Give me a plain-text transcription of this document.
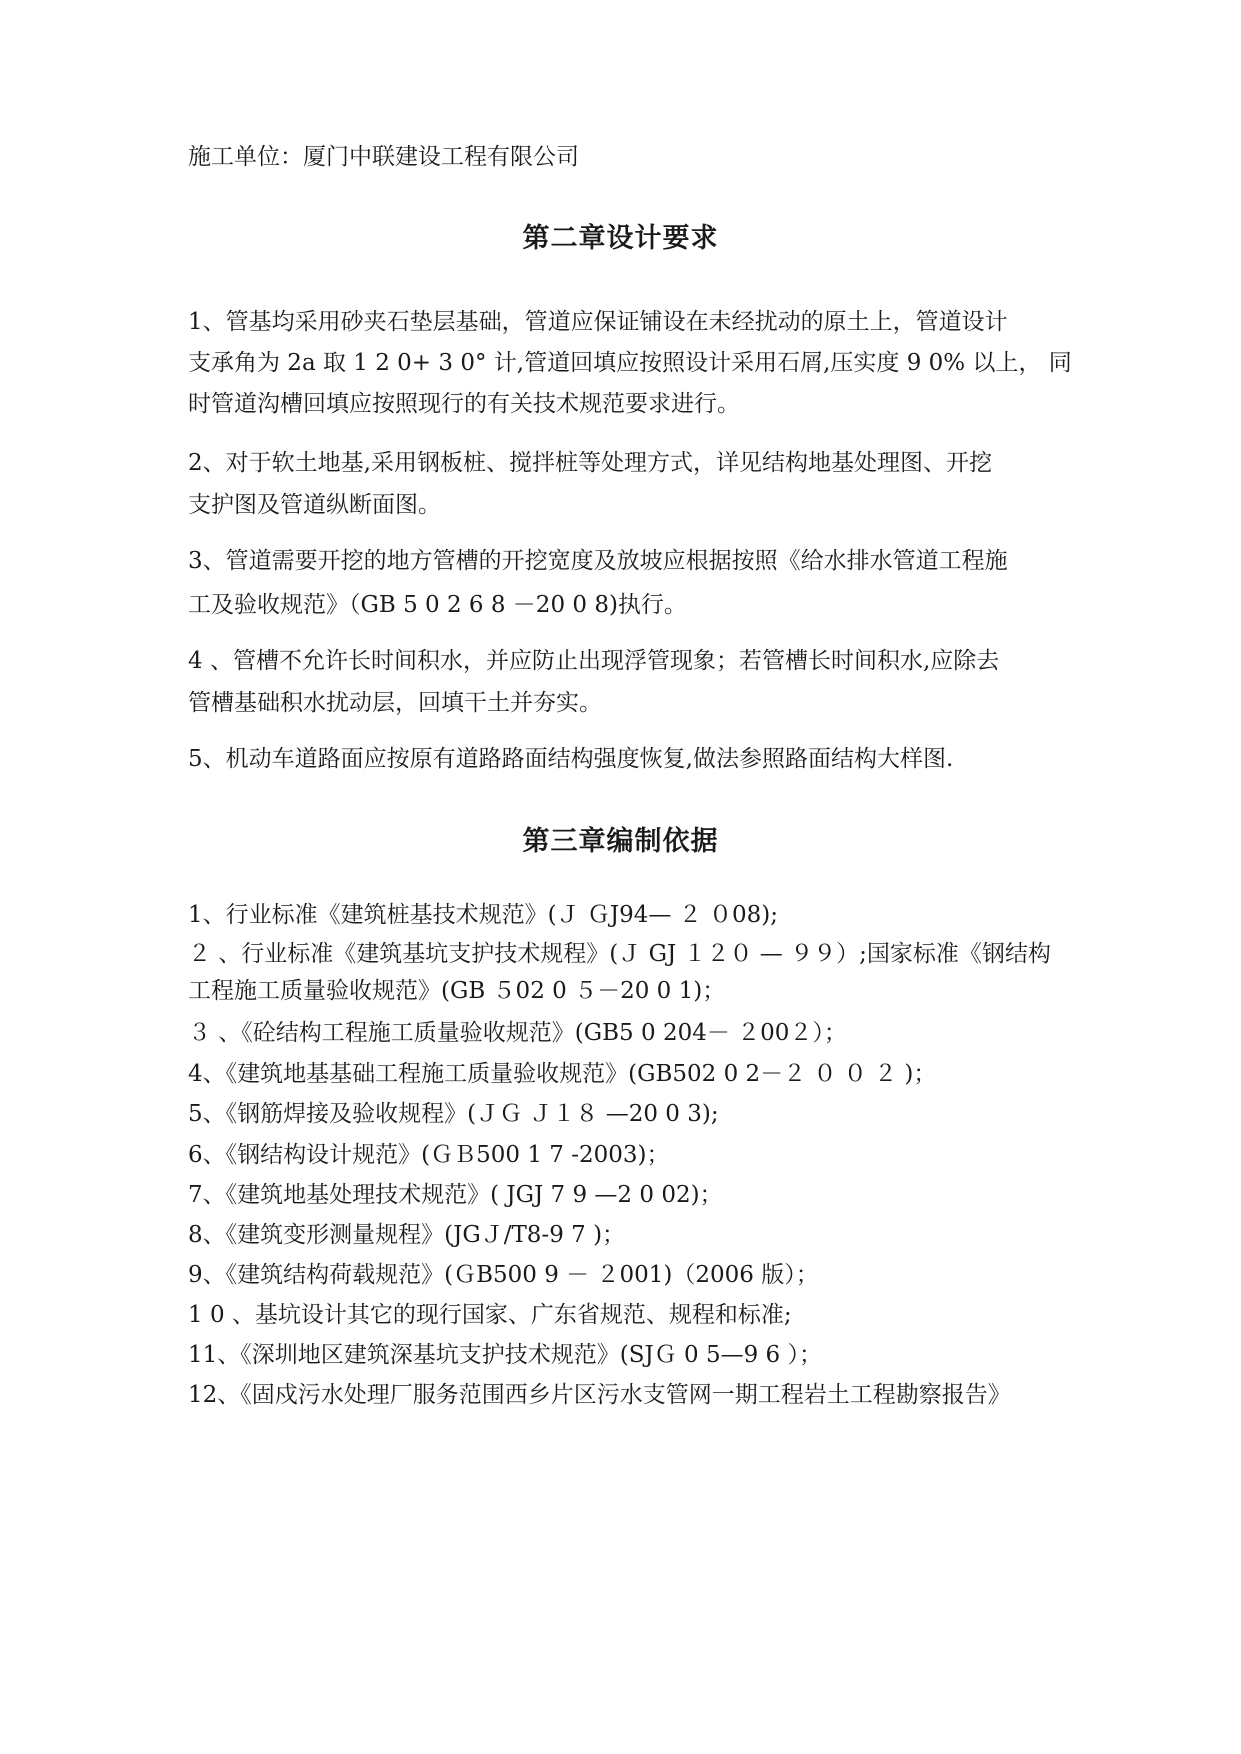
施工单位：厦门中联建设工程有限公司
第二章设计要求
1、管基均采用砂夹石垫层基础，管道应保证铺设在未经扰动的原土上，管道设计
支承角为 2a 取 1 2 0+ 3 0° 计,管道回填应按照设计采用石屑,压实度 9 0% 以上， 同
时管道沟槽回填应按照现行的有关技术规范要求进行。
2、对于软土地基,采用钢板桩、搅拌桩等处理方式，详见结构地基处理图、开挖
支护图及管道纵断面图。
3、管道需要开挖的地方管槽的开挖宽度及放坡应根据按照《给水排水管道工程施
工及验收规范》（GB 5 0 2 6 8 －20 0 8)执行。
4 、管槽不允许长时间积水，并应防止出现浮管现象；若管槽长时间积水,应除去
管槽基础积水扰动层，回填干土并夯实。
5、机动车道路面应按原有道路路面结构强度恢复,做法参照路面结构大样图.
第三章编制依据
1、行业标准《建筑桩基技术规范》(Ｊ ＧJ94— ２ ０08);
２ 、行业标准《建筑基坑支护技术规程》(Ｊ GJ １２０ — ９９）;国家标准《钢结构
工程施工质量验收规范》(GB ５02 0 ５－20 0 1)；
３ 、《砼结构工程施工质量验收规范》(GB5 0 204－ ２00２）；
4、《建筑地基基础工程施工质量验收规范》(GB502 0 2－２ ０ ０ ２ )；
5、《钢筋焊接及验收规程》(ＪＧ Ｊ１８ —20 0 3);
6、《钢结构设计规范》(ＧＢ500 1 7 -2003)；
7、《建筑地基处理技术规范》( JGJ 7 9 —2 0 02)；
8、《建筑变形测量规程》(JGＪ/T8-9 7 )；
9、《建筑结构荷载规范》(ＧB500 9 － ２001)（2006 版）；
1 0 、基坑设计其它的现行国家、广东省规范、规程和标准;
11、《深圳地区建筑深基坑支护技术规范》(SJＧ 0 5—9 6 ）；
12、《固戍污水处理厂服务范围西乡片区污水支管网一期工程岩土工程勘察报告》
